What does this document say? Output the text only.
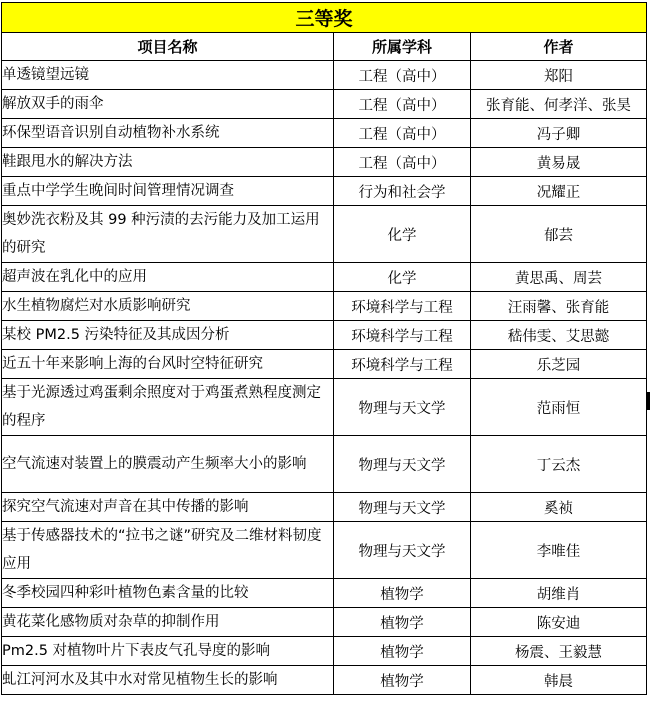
三等奖		
项目名称	所属学科	作者
单透镜望远镜	工程（高中）	郑阳
解放双手的雨伞	工程（高中）	张育能、何孝洋、张昊
环保型语音识别自动植物补水系统	工程（高中）	冯子卿
鞋跟甩水的解决方法	工程（高中）	黄易晟
重点中学学生晚间时间管理情况调查	行为和社会学	况耀正
奥妙洗衣粉及其 99 种污渍的去污能力及加工运用的研究	化学	郁芸
超声波在乳化中的应用	化学	黄思禹、周芸
水生植物腐烂对水质影响研究	环境科学与工程	汪雨馨、张育能
某校 PM2.5 污染特征及其成因分析	环境科学与工程	嵇伟雯、艾思懿
近五十年来影响上海的台风时空特征研究	环境科学与工程	乐芝园
基于光源透过鸡蛋剩余照度对于鸡蛋煮熟程度测定的程序	物理与天文学	范雨恒
空气流速对装置上的膜震动产生频率大小的影响	物理与天文学	丁云杰
探究空气流速对声音在其中传播的影响	物理与天文学	奚祯
基于传感器技术的“拉书之谜”研究及二维材料韧度应用	物理与天文学	李唯佳
冬季校园四种彩叶植物色素含量的比较	植物学	胡维肖
黄花菜化感物质对杂草的抑制作用	植物学	陈安迪
Pm2.5 对植物叶片下表皮气孔导度的影响	植物学	杨震、王毅慧
虬江河河水及其中水对常见植物生长的影响	植物学	韩晨
